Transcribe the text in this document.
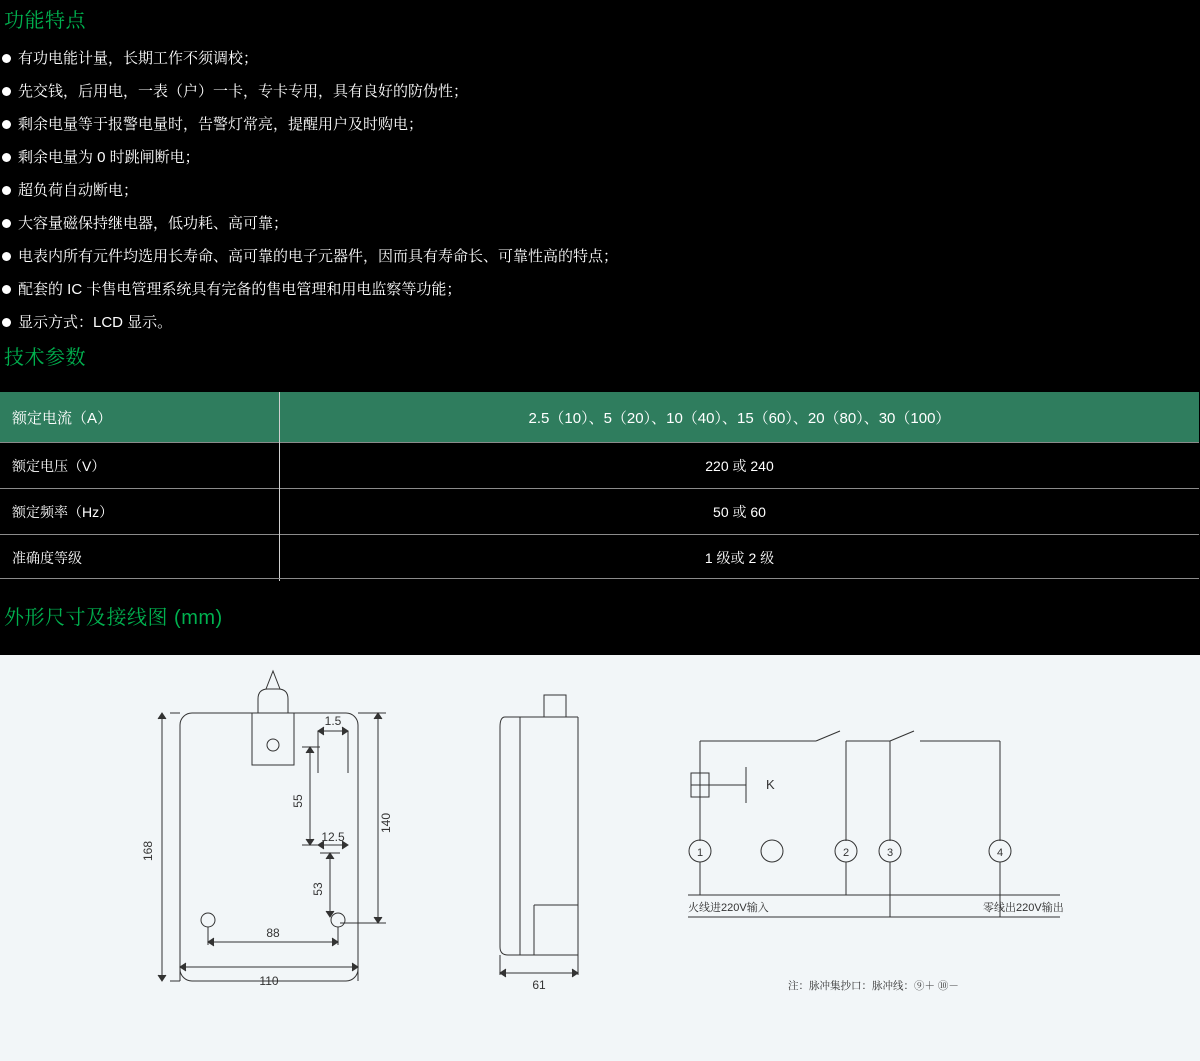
功能特点
有功电能计量，长期工作不须调校；
先交钱，后用电，一表（户）一卡，专卡专用，具有良好的防伪性；
剩余电量等于报警电量时，告警灯常亮，提醒用户及时购电；
剩余电量为 0 时跳闸断电；
超负荷自动断电；
大容量磁保持继电器，低功耗、高可靠；
电表内所有元件均选用长寿命、高可靠的电子元器件，因而具有寿命长、可靠性高的特点；
配套的 IC 卡售电管理系统具有完备的售电管理和用电监察等功能；
显示方式：LCD 显示。
技术参数
额定电流（A）	2.5（10）、5（20）、10（40）、15（60）、20（80）、30（100）
额定电压（V）	220 或 240
额定频率（Hz）	50 或 60
准确度等级	1 级或 2 级
外形尺寸及接线图 (mm)
168
140
110
88
1.5
55
12.5
53
61
1	2	3	4
K
火线进220V输入	零线出220V输出
注：脉冲集抄口：脉冲线：⑨＋ ⑩－
